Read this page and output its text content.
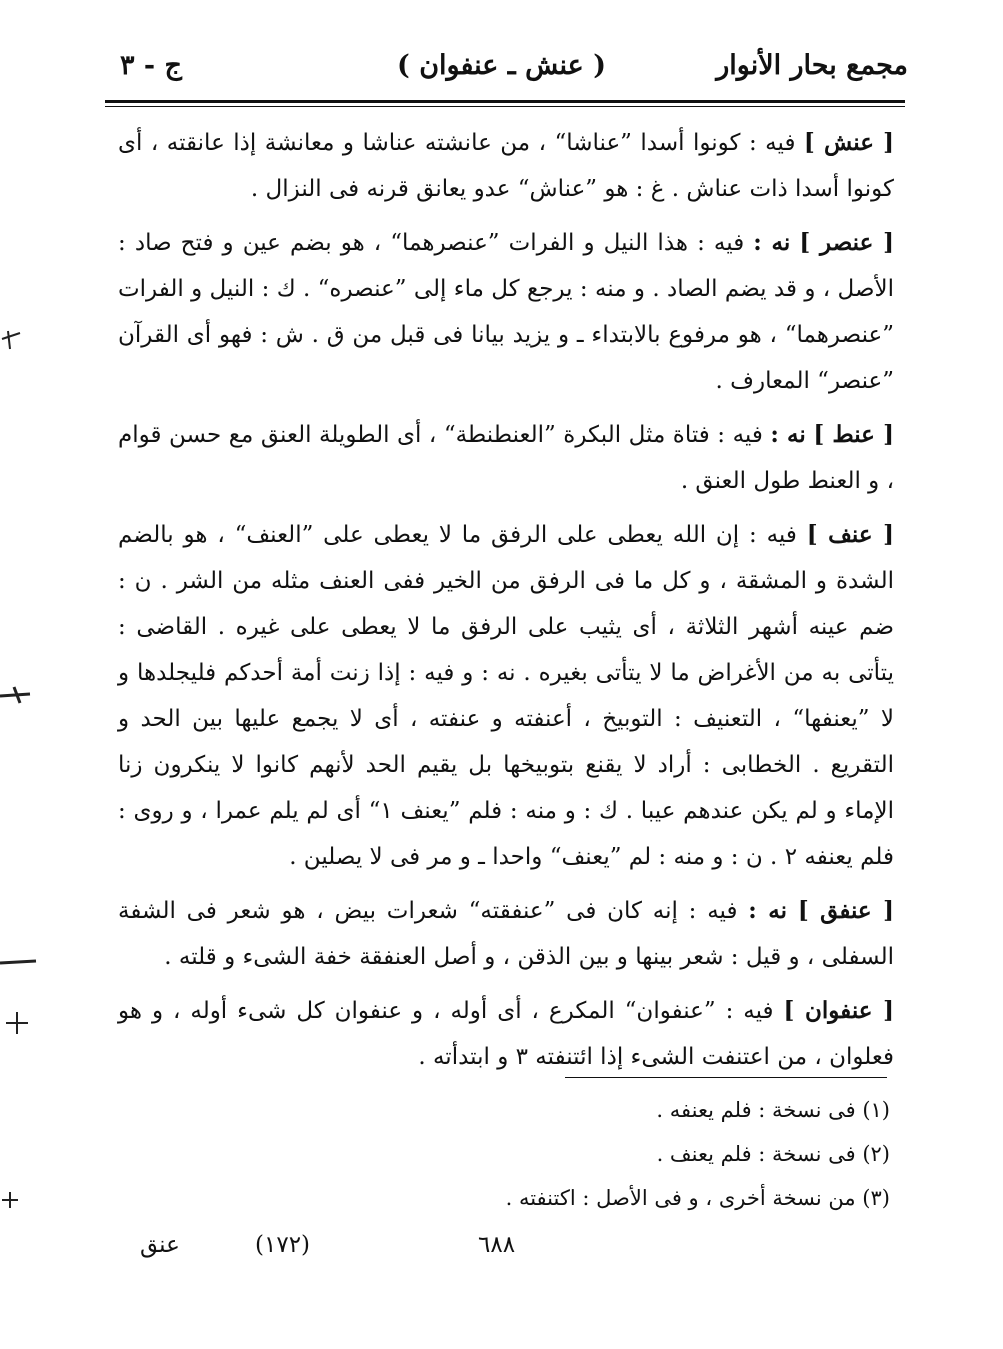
مجمع بحار الأنوار
( عنش ـ عنفوان )
ج - ٣

[ عنش ] فيه : كونوا أسدا ”عناشا“ ، من عانشته عناشا و معانشة إذا عانقته ، أى كونوا أسدا ذات عناش . غ : هو ”عناش“ عدو يعانق قرنه فى النزال .

[ عنصر ] نه : فيه : هذا النيل و الفرات ”عنصرهما“ ، هو بضم عين و فتح صاد : الأصل ، و قد يضم الصاد . و منه : يرجع كل ماء إلى ”عنصره“ . ك : النيل و الفرات ”عنصرهما“ ، هو مرفوع بالابتداء ـ و يزيد بيانا فى قبل من ق . ش : فهو أى القرآن ”عنصر“ المعارف .

[ عنط ] نه : فيه : فتاة مثل البكرة ”العنطنطة“ ، أى الطويلة العنق مع حسن قوام ، و العنط طول العنق .

[ عنف ] فيه : إن الله يعطى على الرفق ما لا يعطى على ”العنف“ ، هو بالضم الشدة و المشقة ، و كل ما فى الرفق من الخير ففى العنف مثله من الشر . ن : ضم عينه أشهر الثلاثة ، أى يثيب على الرفق ما لا يعطى على غيره . القاضى : يتأتى به من الأغراض ما لا يتأتى بغيره . نه : و فيه : إذا زنت أمة أحدكم فليجلدها و لا ”يعنفها“ ، التعنيف : التوبيخ ، أعنفته و عنفته ، أى لا يجمع عليها بين الحد و التقريع . الخطابى : أراد لا يقنع بتوبيخها بل يقيم الحد لأنهم كانوا لا ينكرون زنا الإماء و لم يكن عندهم عيبا . ك : و منه : فلم ”يعنف ١“ أى لم يلم عمرا ، و روى : فلم يعنفه ٢ . ن : و منه : لم ”يعنف“ واحدا ـ و مر فى لا يصلين .

[ عنفق ] نه : فيه : إنه كان فى ”عنفقته“ شعرات بيض ، هو شعر فى الشفة السفلى ، و قيل : شعر بينها و بين الذقن ، و أصل العنفقة خفة الشىء و قلته .

[ عنفوان ] فيه : ”عنفوان“ المكرع ، أى أوله ، و عنفوان كل شىء أوله ، و هو فعلوان ، من اعتنفت الشىء إذا ائتنفته ٣ و ابتدأته .

(١) فى نسخة : فلم يعنفه .
(٢) فى نسخة : فلم يعنف .
(٣) من نسخة أخرى ، و فى الأصل : اكتنفته .
٦٨٨
(١٧٢)
عنق
